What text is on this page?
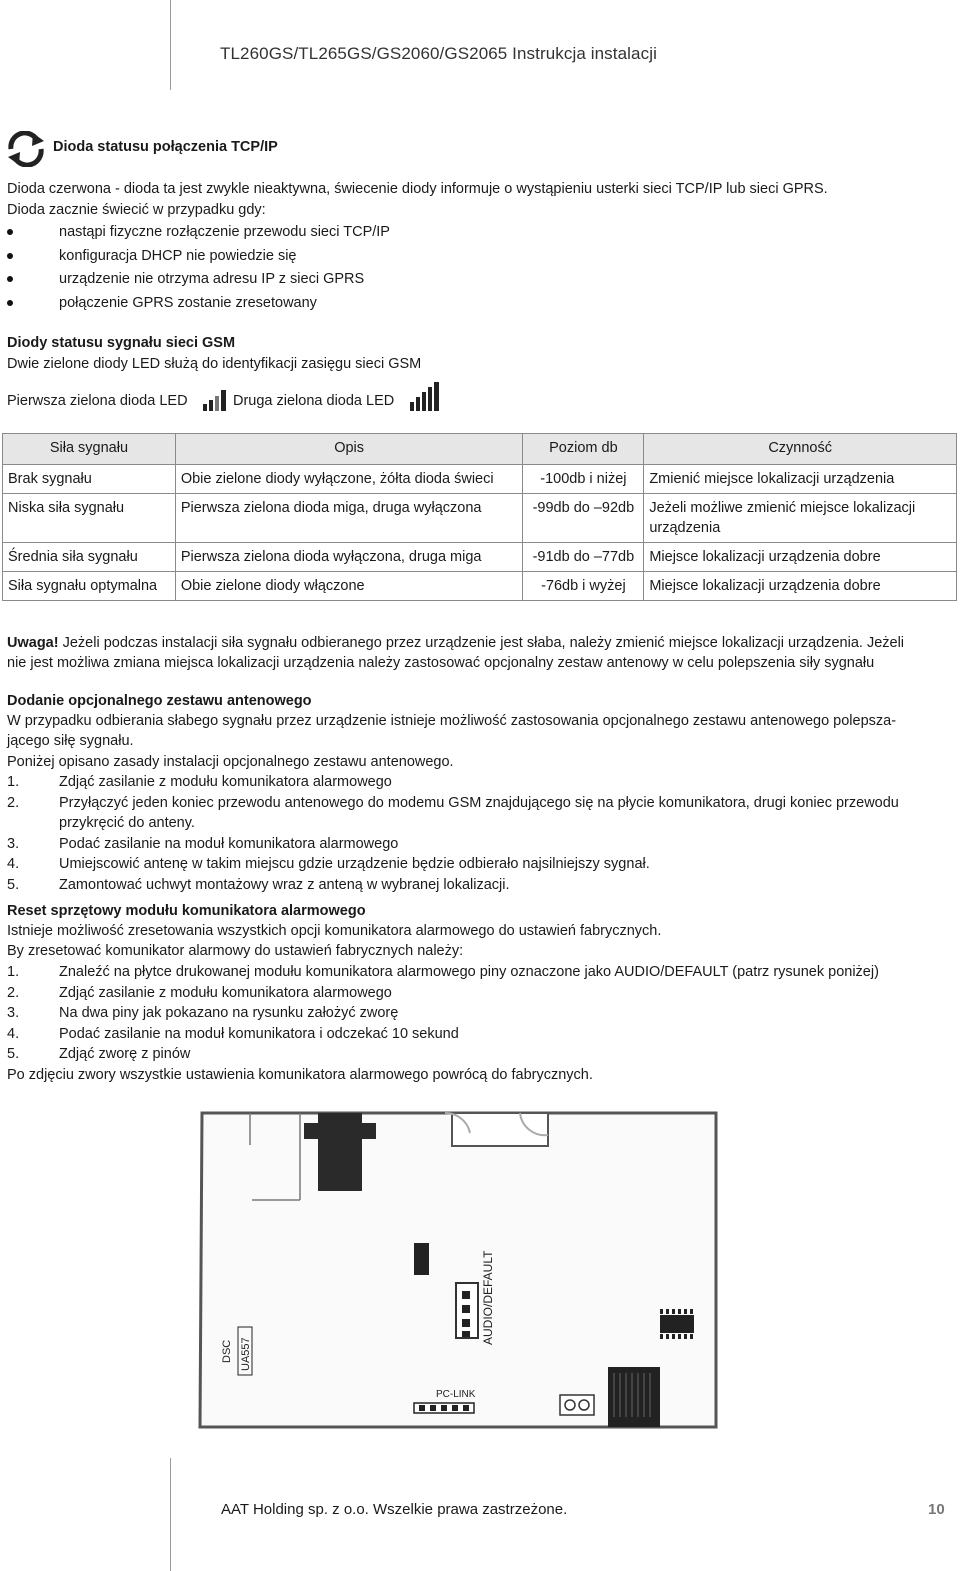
TL260GS/TL265GS/GS2060/GS2065 Instrukcja instalacji
Dioda statusu połączenia TCP/IP
Dioda czerwona - dioda ta jest zwykle nieaktywna, świecenie diody informuje o wystąpieniu usterki sieci TCP/IP lub sieci GPRS.
Dioda zacznie świecić w przypadku gdy:
nastąpi fizyczne rozłączenie przewodu sieci TCP/IP
konfiguracja DHCP nie powiedzie się
urządzenie nie otrzyma adresu IP z sieci GPRS
połączenie GPRS zostanie zresetowany
Diody statusu sygnału sieci GSM
Dwie zielone diody LED służą do identyfikacji zasięgu sieci GSM
Pierwsza zielona dioda LED	Druga zielona dioda LED
Siła sygnału	Opis	Poziom db	Czynność
Brak sygnału	Obie zielone diody wyłączone, żółta dioda świeci	-100db i niżej	Zmienić miejsce lokalizacji urządzenia
Niska siła sygnału	Pierwsza zielona dioda miga, druga wyłączona	-99db do –92db	Jeżeli możliwe zmienić miejsce lokalizacji urządzenia
Średnia siła sygnału	Pierwsza zielona dioda wyłączona, druga miga	-91db do –77db	Miejsce lokalizacji urządzenia dobre
Siła sygnału optymalna	Obie zielone diody włączone	-76db i wyżej	Miejsce lokalizacji urządzenia dobre
Uwaga! Jeżeli podczas instalacji siła sygnału odbieranego przez urządzenie jest słaba, należy zmienić miejsce lokalizacji urządzenia. Jeżeli
nie jest możliwa zmiana miejsca lokalizacji urządzenia należy zastosować opcjonalny zestaw antenowy w celu polepszenia siły sygnału
Dodanie opcjonalnego zestawu antenowego
W przypadku odbierania słabego sygnału przez urządzenie istnieje możliwość zastosowania opcjonalnego zestawu antenowego polepsza-
jącego siłę sygnału.
Poniżej opisano zasady instalacji opcjonalnego zestawu antenowego.
1.	Zdjąć zasilanie z modułu komunikatora alarmowego
2.	Przyłączyć jeden koniec przewodu antenowego do modemu GSM znajdującego się na płycie komunikatora, drugi koniec przewodu przykręcić do anteny.
3.	Podać zasilanie na moduł komunikatora alarmowego
4.	Umiejscowić antenę w takim miejscu gdzie urządzenie będzie odbierało najsilniejszy sygnał.
5.	Zamontować uchwyt montażowy wraz z anteną w wybranej lokalizacji.
Reset sprzętowy modułu komunikatora alarmowego
Istnieje możliwość zresetowania wszystkich opcji komunikatora alarmowego do ustawień fabrycznych.
By zresetować komunikator alarmowy do ustawień fabrycznych należy:
1.	Znaleźć na płytce drukowanej modułu komunikatora alarmowego piny oznaczone jako AUDIO/DEFAULT (patrz rysunek poniżej)
2.	Zdjąć zasilanie z modułu komunikatora alarmowego
3.	Na dwa piny jak pokazano na rysunku założyć zworę
4.	Podać zasilanie na moduł komunikatora i odczekać 10 sekund
5.	Zdjąć zworę z pinów
Po zdjęciu zwory wszystkie ustawienia komunikatora alarmowego powrócą do fabrycznych.
AUDIO/DEFAULT
DSC UA557
PC-LINK
AAT Holding sp. z o.o. Wszelkie prawa zastrzeżone.	10
